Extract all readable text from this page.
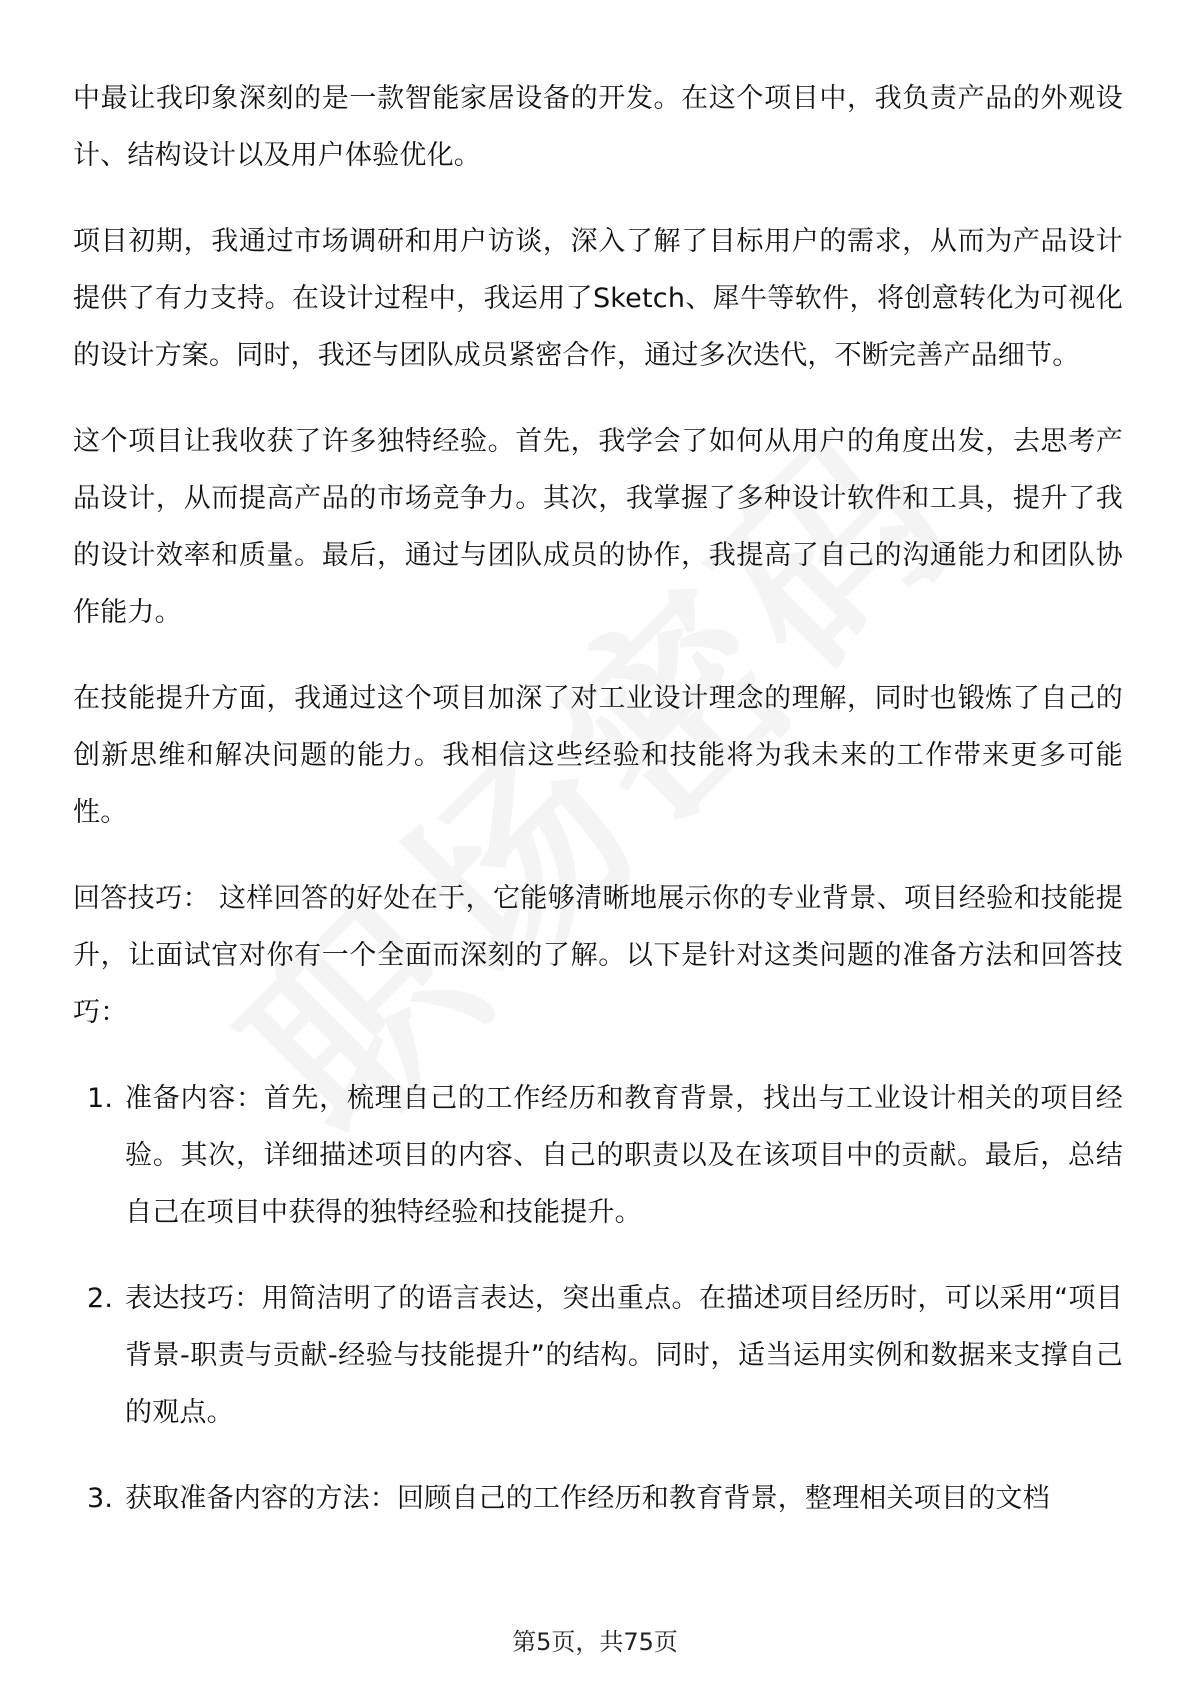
中最让我印象深刻的是一款智能家居设备的开发。在这个项目中，我负责产品的外观设计、结构设计以及用户体验优化。

项目初期，我通过市场调研和用户访谈，深入了解了目标用户的需求，从而为产品设计提供了有力支持。在设计过程中，我运用了Sketch、犀牛等软件，将创意转化为可视化的设计方案。同时，我还与团队成员紧密合作，通过多次迭代，不断完善产品细节。

这个项目让我收获了许多独特经验。首先，我学会了如何从用户的角度出发，去思考产品设计，从而提高产品的市场竞争力。其次，我掌握了多种设计软件和工具，提升了我的设计效率和质量。最后，通过与团队成员的协作，我提高了自己的沟通能力和团队协作能力。

在技能提升方面，我通过这个项目加深了对工业设计理念的理解，同时也锻炼了自己的创新思维和解决问题的能力。我相信这些经验和技能将为我未来的工作带来更多可能性。

回答技巧： 这样回答的好处在于，它能够清晰地展示你的专业背景、项目经验和技能提升，让面试官对你有一个全面而深刻的了解。以下是针对这类问题的准备方法和回答技巧：

1. 准备内容：首先，梳理自己的工作经历和教育背景，找出与工业设计相关的项目经验。其次，详细描述项目的内容、自己的职责以及在该项目中的贡献。最后，总结自己在项目中获得的独特经验和技能提升。
2. 表达技巧：用简洁明了的语言表达，突出重点。在描述项目经历时，可以采用“项目背景-职责与贡献-经验与技能提升”的结构。同时，适当运用实例和数据来支撑自己的观点。
3. 获取准备内容的方法：回顾自己的工作经历和教育背景，整理相关项目的文档
第5页，共75页
